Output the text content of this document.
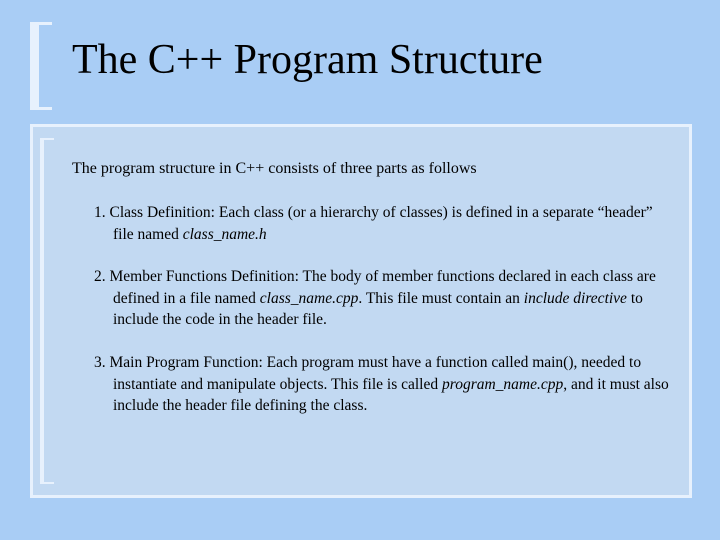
The C++ Program Structure

The program structure in C++ consists of three parts as follows

1. Class Definition: Each class (or a hierarchy of classes) is defined in a separate “header” file named class_name.h
2. Member Functions Definition: The body of member functions declared in each class are defined in a file named class_name.cpp. This file must contain an include directive to include the code in the header file.
3. Main Program Function: Each program must have a function called main(), needed to instantiate and manipulate objects. This file is called program_name.cpp, and it must also include the header file defining the class.
